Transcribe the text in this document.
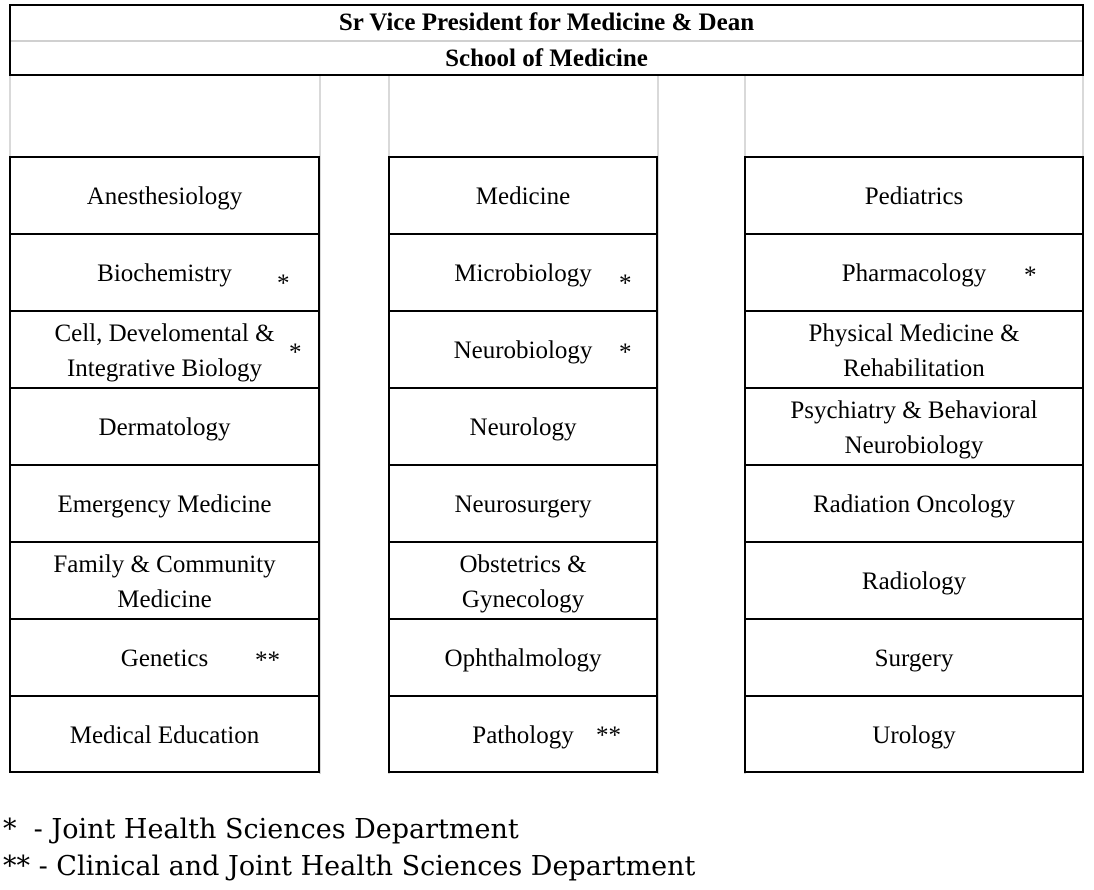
Sr Vice President for Medicine & Dean
School of Medicine
Anesthesiology
Biochemistry *
Cell, Develomental &
Integrative Biology
*
Dermatology
Emergency Medicine
Family & Community
Medicine
Genetics **
Medical Education
Medicine
Microbiology *
Neurobiology *
Neurology
Neurosurgery
Obstetrics &
Gynecology
Ophthalmology
Pathology **
Pediatrics
Pharmacology *
Physical Medicine &
Rehabilitation
Psychiatry & Behavioral
Neurobiology
Radiation Oncology
Radiology
Surgery
Urology
*  - Joint Health Sciences Department
** - Clinical and Joint Health Sciences Department
